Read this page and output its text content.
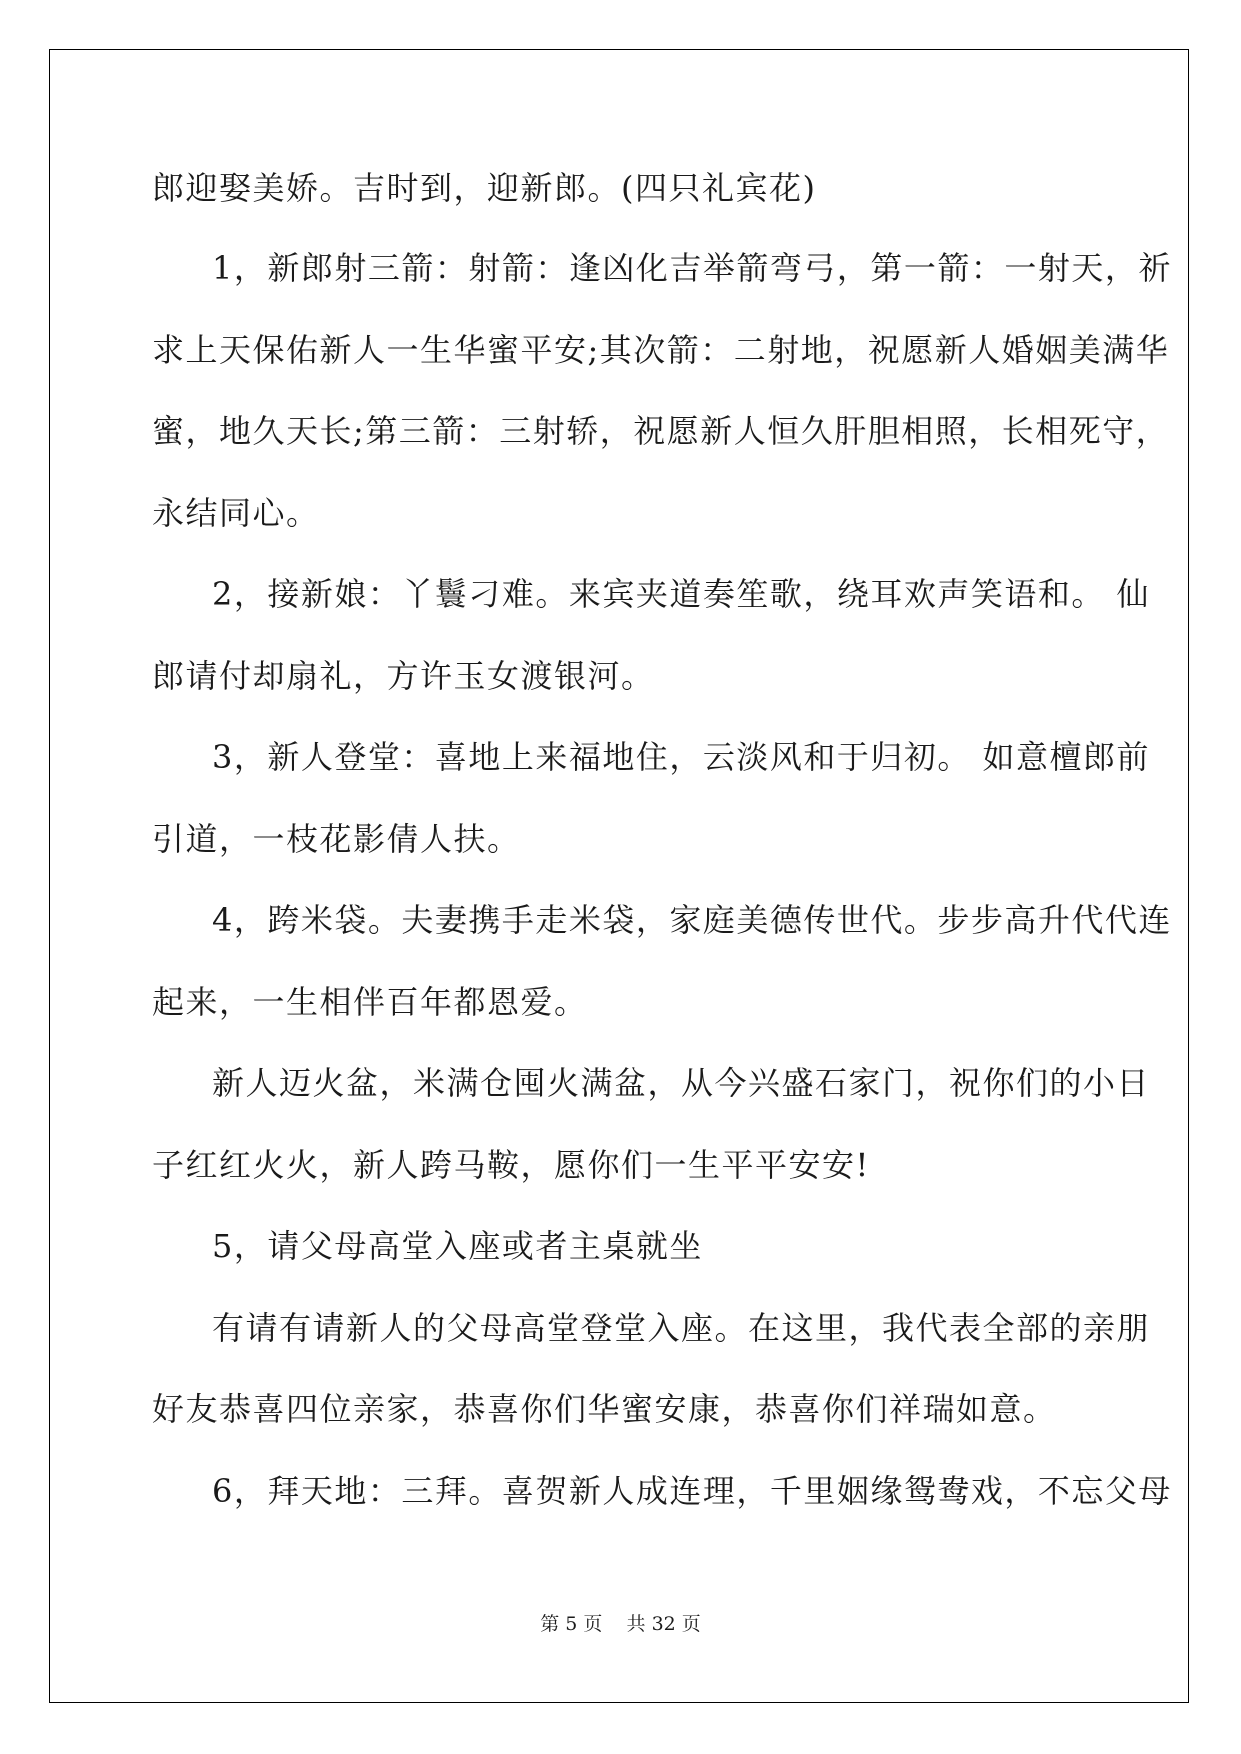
郎迎娶美娇。吉时到，迎新郎。(四只礼宾花)
1，新郎射三箭：射箭：逢凶化吉举箭弯弓，第一箭：一射天，祈
求上天保佑新人一生华蜜平安;其次箭：二射地，祝愿新人婚姻美满华
蜜，地久天长;第三箭：三射轿，祝愿新人恒久肝胆相照，长相死守，
永结同心。
2，接新娘：丫鬟刁难。来宾夹道奏笙歌，绕耳欢声笑语和。 仙
郎请付却扇礼，方许玉女渡银河。
3，新人登堂：喜地上来福地住，云淡风和于归初。 如意檀郎前
引道，一枝花影倩人扶。
4，跨米袋。夫妻携手走米袋，家庭美德传世代。步步高升代代连
起来，一生相伴百年都恩爱。
新人迈火盆，米满仓囤火满盆，从今兴盛石家门，祝你们的小日
子红红火火，新人跨马鞍，愿你们一生平平安安!
5，请父母高堂入座或者主桌就坐
有请有请新人的父母高堂登堂入座。在这里，我代表全部的亲朋
好友恭喜四位亲家，恭喜你们华蜜安康，恭喜你们祥瑞如意。
6，拜天地：三拜。喜贺新人成连理，千里姻缘鸳鸯戏，不忘父母
第 5 页 共 32 页
